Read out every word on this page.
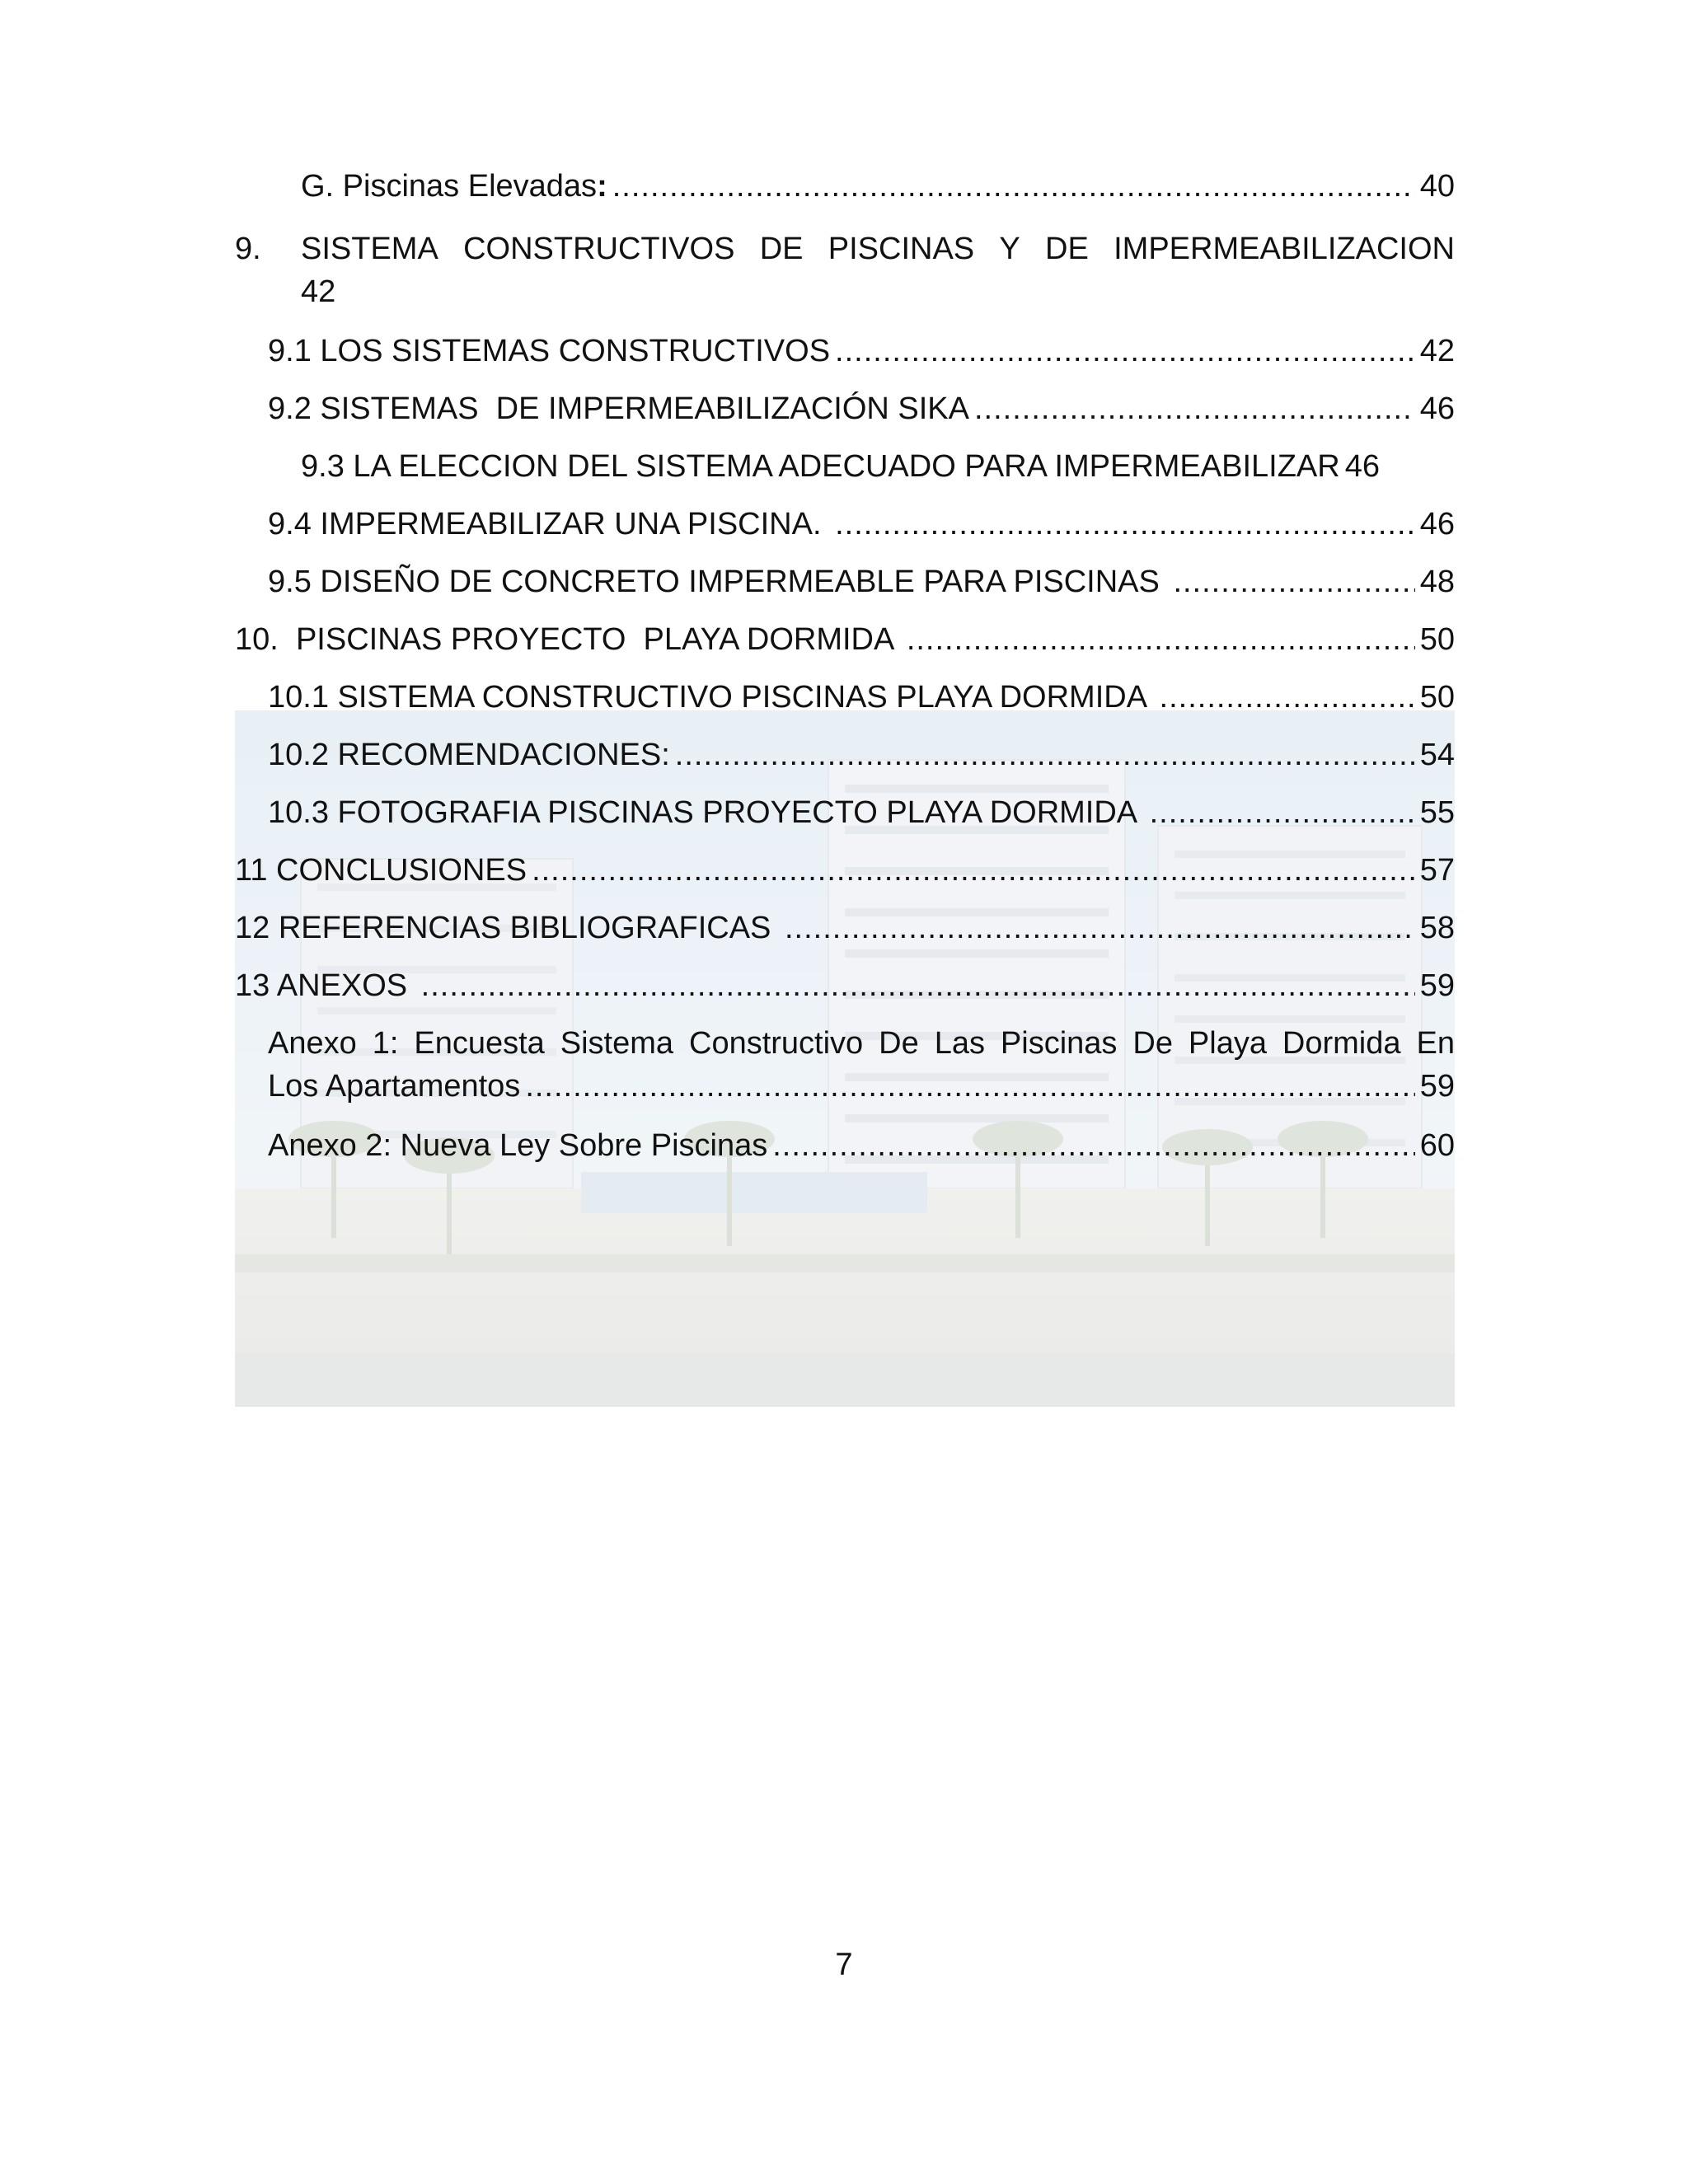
G. Piscinas Elevadas: .....	40
9. SISTEMA CONSTRUCTIVOS DE PISCINAS Y DE IMPERMEABILIZACION
42
9.1 LOS SISTEMAS CONSTRUCTIVOS .....	42
9.2 SISTEMAS  DE IMPERMEABILIZACIÓN SIKA .....	46
9.3 LA ELECCION DEL SISTEMA ADECUADO PARA IMPERMEABILIZAR 46
9.4 IMPERMEABILIZAR UNA PISCINA. .....	46
9.5 DISEÑO DE CONCRETO IMPERMEABLE PARA PISCINAS .....	48
10.  PISCINAS PROYECTO  PLAYA DORMIDA .....	50
10.1 SISTEMA CONSTRUCTIVO PISCINAS PLAYA DORMIDA .....	50
10.2 RECOMENDACIONES: .....	54
10.3 FOTOGRAFIA PISCINAS PROYECTO PLAYA DORMIDA .....	55
11 CONCLUSIONES .....	57
12 REFERENCIAS BIBLIOGRAFICAS .....	58
13 ANEXOS .....	59
Anexo 1: Encuesta Sistema Constructivo De Las Piscinas De Playa Dormida En
Los Apartamentos .....	59
Anexo 2: Nueva Ley Sobre Piscinas .....	60
7
